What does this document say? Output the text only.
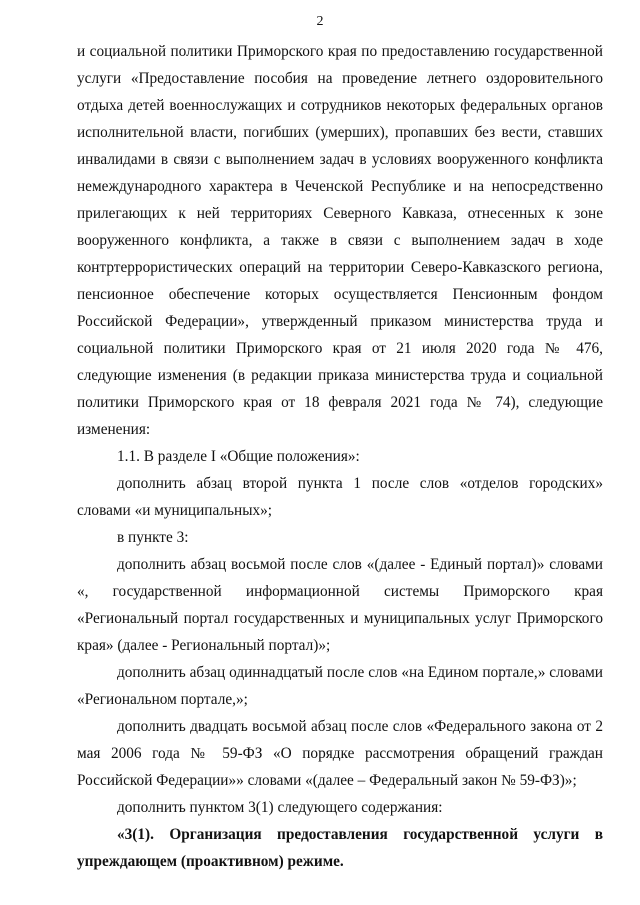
2

и социальной политики Приморского края по предоставлению государственной услуги «Предоставление пособия на проведение летнего оздоровительного отдыха детей военнослужащих и сотрудников некоторых федеральных органов исполнительной власти, погибших (умерших), пропавших без вести, ставших инвалидами в связи с выполнением задач в условиях вооруженного конфликта немеждународного характера в Чеченской Республике и на непосредственно прилегающих к ней территориях Северного Кавказа, отнесенных к зоне вооруженного конфликта, а также в связи с выполнением задач в ходе контртеррористических операций на территории Северо-Кавказского региона, пенсионное обеспечение которых осуществляется Пенсионным фондом Российской Федерации», утвержденный приказом министерства труда и социальной политики Приморского края от 21 июля 2020 года № 476, следующие изменения (в редакции приказа министерства труда и социальной политики Приморского края от 18 февраля 2021 года № 74), следующие изменения:

1.1. В разделе I «Общие положения»:

дополнить абзац второй пункта 1 после слов «отделов городских» словами «и муниципальных»;

в пункте 3:

дополнить абзац восьмой после слов «(далее - Единый портал)» словами «, государственной информационной системы Приморского края «Региональный портал государственных и муниципальных услуг Приморского края» (далее - Региональный портал)»;

дополнить абзац одиннадцатый после слов «на Едином портале,» словами «Региональном портале,»;

дополнить двадцать восьмой абзац после слов «Федерального закона от 2 мая 2006 года № 59-ФЗ «О порядке рассмотрения обращений граждан Российской Федерации»» словами «(далее – Федеральный закон № 59-ФЗ)»;

дополнить пунктом 3(1) следующего содержания:

«3(1). Организация предоставления государственной услуги в упреждающем (проактивном) режиме.
